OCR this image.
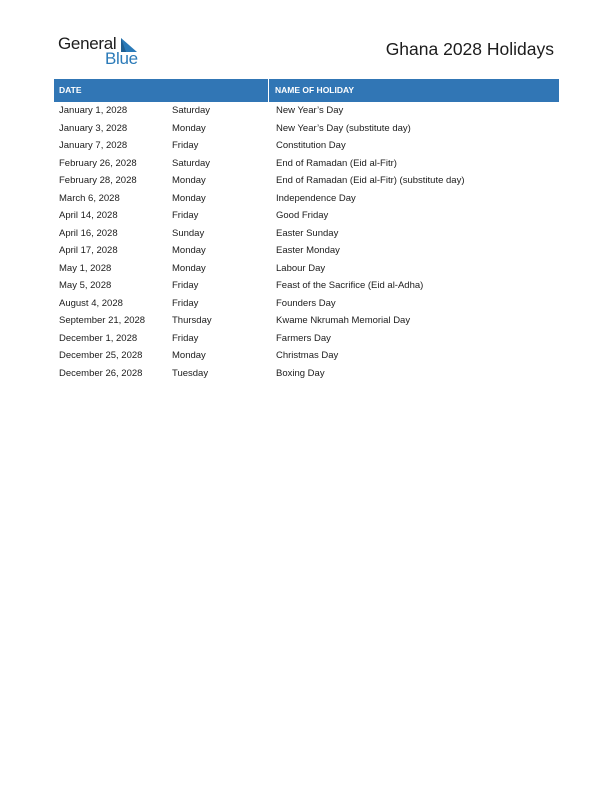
General
Blue	Ghana 2028 Holidays
DATE	NAME OF HOLIDAY
January 1, 2028	Saturday	New Year’s Day
January 3, 2028	Monday	New Year’s Day (substitute day)
January 7, 2028	Friday	Constitution Day
February 26, 2028	Saturday	End of Ramadan (Eid al-Fitr)
February 28, 2028	Monday	End of Ramadan (Eid al-Fitr) (substitute day)
March 6, 2028	Monday	Independence Day
April 14, 2028	Friday	Good Friday
April 16, 2028	Sunday	Easter Sunday
April 17, 2028	Monday	Easter Monday
May 1, 2028	Monday	Labour Day
May 5, 2028	Friday	Feast of the Sacrifice (Eid al-Adha)
August 4, 2028	Friday	Founders Day
September 21, 2028	Thursday	Kwame Nkrumah Memorial Day
December 1, 2028	Friday	Farmers Day
December 25, 2028	Monday	Christmas Day
December 26, 2028	Tuesday	Boxing Day
